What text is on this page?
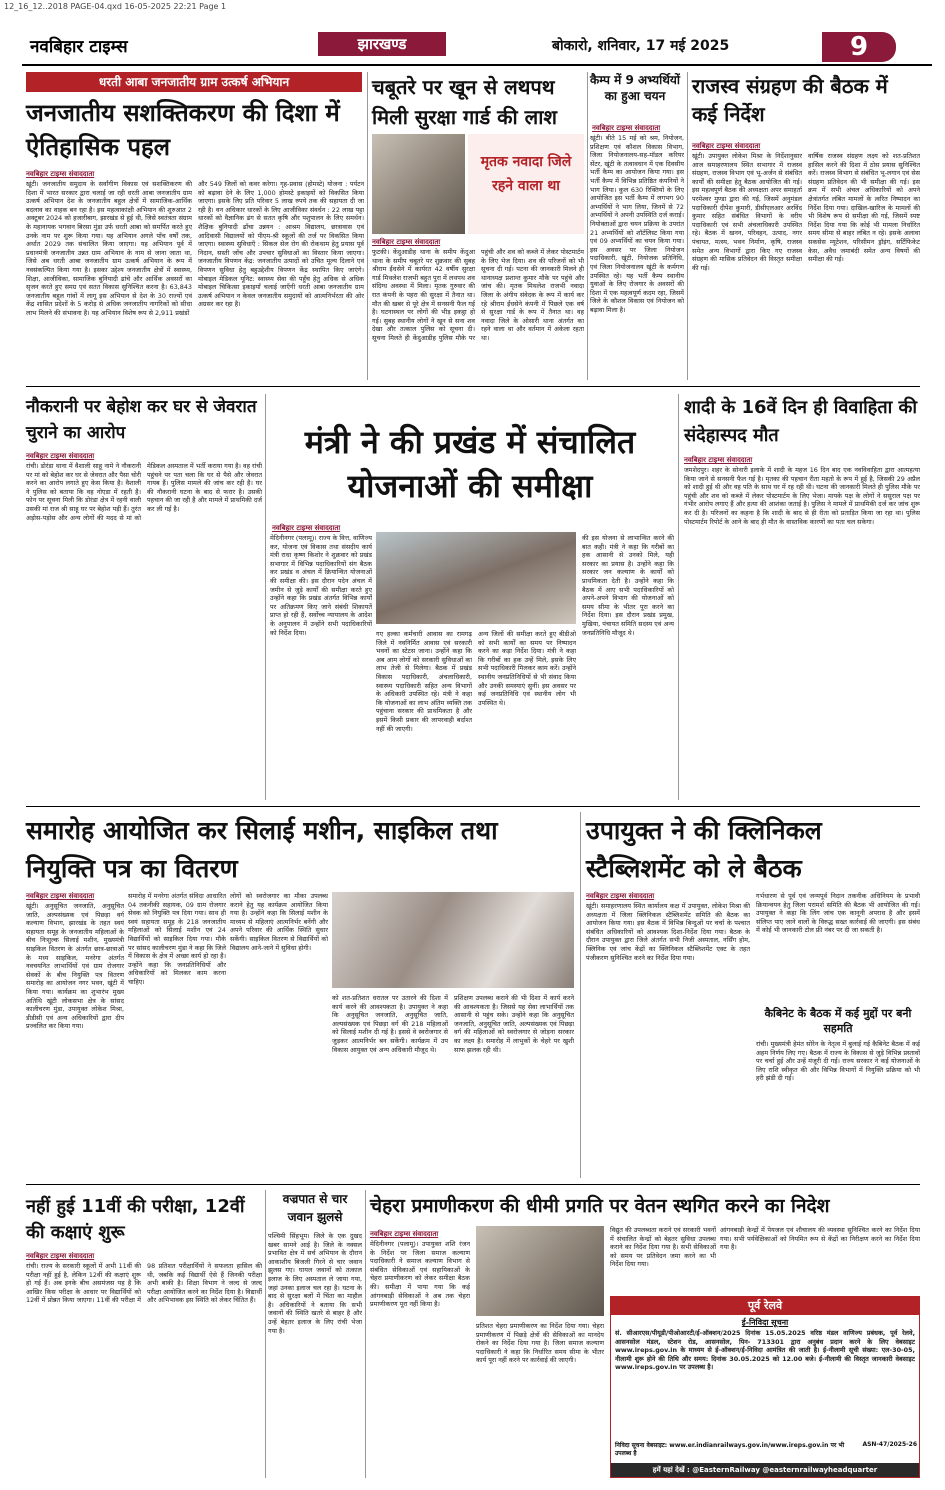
12_16_12..2018 PAGE-04.qxd 16-05-2025 22:21 Page 1
नवबिहार टाइम्स	झारखण्ड	बोकारो, शनिवार, 17 मई 2025	9
धरती आबा जनजातीय ग्राम उत्कर्ष अभियान
जनजातीय सशक्तिकरण की दिशा में ऐतिहासिक पहल
नवबिहार टाइम्स संवाददाता
खूंटी। जनजातीय समुदाय के सर्वांगीण विकास एवं सशक्तिकरण की दिशा में भारत सरकार द्वारा चलाई जा रही धरती आबा जनजातीय ग्राम उत्कर्ष अभियान देश के जनजातीय बहुल क्षेत्रों में सामाजिक-आर्थिक बदलाव का वाहक बन रहा है। इस महत्वाकांक्षी अभियान की शुरुआत 2 अक्टूबर 2024 को हजारीबाग, झारखंड से हुई थी, जिसे स्वतंत्रता संग्राम के महानायक भगवान बिरसा मुंडा उर्फ धरती आबा को समर्पित करते हुए उनके नाम पर शुरू किया गया। यह अभियान अगले पाँच वर्षों तक, अर्थात 2029 तक संचालित किया जाएगा। यह अभियान पूर्व में प्रधानमंत्री जनजातीय उन्नत ग्राम अभियान के नाम से जाना जाता था, जिसे अब धरती आबा जनजातीय ग्राम उत्कर्ष अभियान के रूप में नवसंकल्पित किया गया है। इसका उद्देश्य जनजातीय क्षेत्रों में स्वास्थ्य, शिक्षा, आजीविका, सामाजिक बुनियादी ढांचे और आर्थिक अवसरों का सृजन करते हुए समग्र एवं सतत विकास सुनिश्चित करना है। 63,843 जनजातीय बहुल गांवों में लागू इस अभियान से देश के 30 राज्यों एवं केंद्र शासित प्रदेशों के 5 करोड़ से अधिक जनजातीय नागरिकों को सीधा लाभ मिलने की संभावना है। यह अभियान विशेष रूप से 2,911 प्रखंडों
और 549 जिलों को कवर करेगा। गृह-प्रवास (होमस्टे) योजना : पर्यटन को बढ़ावा देने के लिए 1,000 होमस्टे इकाइयों को विकसित किया जाएगा। इसके लिए प्रति परिवार 5 लाख रुपये तक की सहायता दी जा रही है। वन अधिकार धारकों के लिए आजीविका संवर्धन : 22 लाख पट्टा धारकों को वैज्ञानिक ढंग से सतत कृषि और पशुपालन के लिए समर्थन। शैक्षिक बुनियादी ढाँचा उन्नयन : आश्रम विद्यालय, छात्रावास एवं आदिवासी विद्यालयों को पीएम-श्री स्कूलों की तर्ज पर विकसित किया जाएगा। स्वास्थ्य सुविधाएँ : सिकल सेल रोग की रोकथाम हेतु प्रयास पूर्व निदान, सस्ती जाँच और उपचार सुविधाओं का विस्तार किया जाएगा। जनजातीय विपणन केंद्र: जनजातीय उत्पादों को उचित मूल्य दिलाने एवं विपणन सुविधा हेतु बहुउद्देशीय विपणन केंद्र स्थापित किए जाएंगे। मोबाइल मेडिकल यूनिट: स्वास्थ्य सेवा की पहुँच हेतु अधिक से अधिक मोबाइल चिकित्सा इकाइयाँ चलाई जाएँगी धरती आबा जनजातीय ग्राम उत्कर्ष अभियान न केवल जनजातीय समुदायों को आत्मनिर्भरता की ओर अग्रसर कर रहा है।
चबूतरे पर खून से लथपथ मिली सुरक्षा गार्ड की लाश
मृतक नवादा जिले रहने वाला था
नवबिहार टाइम्स संवाददाता
फुटकी। केंदुआडीह थाना के समीप केंदुआ थाना के समीप चबूतरे पर शुक्रवार की सुबह श्रीराम ईंधसेने में कार्यरत 42 वर्षीय सुरक्षा गार्ड मिथलेश राजभी बहुत पुरा में लथपथ शव संदिग्ध अवस्था में मिला। मृतक गुरुवार की रात कंपनी के पहरा की सुरक्षा में तैनात था। मौत की खबर से पूरे क्षेत्र में सनसनी फैल गई है। घटनास्थल पर लोगों की भीड़ इकट्ठा हो गई। सुबह स्थानीय लोगों ने खून से सना शव देखा और तत्काल पुलिस को सूचना दी। सूचना मिलते ही केंदुआडीह पुलिस मौके पर पहुंची और शव को कब्जे में लेकर पोस्टमार्टम के लिए भेज दिया। शव की परिजनों को भी सूचना दी गई। पटना की जानकारी मिलने ही थानाध्यक्ष प्रशान्त कुमार मौके पर पहुंचे और जांच की। मृतक मिथलेश राजभी नवादा जिला के अंगीय संवेदक के रूप में कार्य कर रहे श्रीराम ईंधसेने कंपनी में पिछले एक वर्ष से सुरक्षा गार्ड के रूप में तैनात था। वह नवादा जिले के ओसारी थाना अंतर्गत का रहने वाला था और वर्तमान में अकेला रहता था।
कैम्प में 9 अभ्यर्थियों का हुआ चयन
नवबिहार टाइम्स संवाददाता
खूंटी। बीते 15 मई को श्रम, नियोजन, प्रशिक्षण एवं कौशल विकास विभाग, जिला नियोजनालय-सह-मॉडल करियर सेंटर, खूंटी के तत्वावधान में एक दिवसीय भर्ती कैम्प का आयोजन किया गया। इस भर्ती कैम्प में विभिन्न प्रतिष्ठित कंपनियों ने भाग लिया। कुल 630 रिक्तियों के लिए आयोजित इस भर्ती कैम्प में लगभग 90 अभ्यर्थियों ने भाग लिया, जिनमें से 72 अभ्यर्थियों ने अपनी उपस्थिति दर्ज कराई। नियोक्ताओं द्वारा चयन प्रक्रिया के उपरांत 21 अभ्यर्थियों को शॉर्टलिस्ट किया गया एवं 09 अभ्यर्थियों का चयन किया गया। इस अवसर पर जिला नियोजन पदाधिकारी, खूंटी, नियोजक प्रतिनिधि, एवं जिला नियोजनालय खूंटी के कर्मगण उपस्थित रहे। यह भर्ती कैम्प स्थानीय युवाओं के लिए रोजगार के अवसरों की दिशा में एक महत्वपूर्ण कदम रहा, जिसमें जिले के कौशल विकास एवं नियोजन को बढ़ावा मिला है।
राजस्व संग्रहण की बैठक में कई निर्देश
नवबिहार टाइम्स संवाददाता
खूंटी। उपायुक्त लोकेश मिश्रा के निर्देशानुसार आज समाहरणालय स्थित सभागार में राजस्व संग्रहण, राजस्व विभाग एवं भू-अर्जन से संबंधित कार्यों की समीक्षा हेतु बैठक आयोजित की गई। इस महत्वपूर्ण बैठक की अध्यक्षता अपर समाहर्ता परमेश्वर मुण्डा द्वारा की गई, जिसमें अनुमंडल पदाधिकारी दीपेश कुमारी, डीसीएलआर अरविंद कुमार सहित संबंधित विभागों के वरीय पदाधिकारी एवं सभी अंचलाधिकारी उपस्थित रहे। बैठक में खनन, परिवहन, उत्पाद, नगर पंचायत, मत्स्य, भवन निर्माण, कृषि, राजस्व समेत अन्य विभागों द्वारा किए गए राजस्व संग्रहण की मासिक प्रतिवेदन की विस्तृत समीक्षा की गई।
वार्षिक राजस्व संग्रहण लक्ष्य को शत-प्रतिशत हासिल करने की दिशा में ठोस प्रयास सुनिश्चित करें। राजस्व विभाग से संबंधित भू-लगान एवं सेस संग्रहण प्रतिवेदन की भी समीक्षा की गई। इस क्रम में सभी अंचल अधिकारियों को अपने क्षेत्रांतर्गत लंबित मामलों के त्वरित निष्पादन का निर्देश दिया गया। दाखिल-खारिज के मामलों की भी विशेष रूप से समीक्षा की गई, जिसमें स्पष्ट निर्देश दिया गया कि कोई भी मामला निर्धारित समय सीमा से बाहर लंबित न रहे। इसके अलावा सकसेस म्यूटेशन, परिसीमन ड्रॉइंग, सर्टिफिकेट केस, अवैध जमाबंदी समेत अन्य विषयों की समीक्षा की गई।
नौकरानी पर बेहोश कर घर से जेवरात चुराने का आरोप
नवबिहार टाइम्स संवाददाता
रांची। डोरंडा थाना में वैशाली साहू नामे ने नौकरानी पर मां को बेहोश कर घर से जेवरात और पैसा चोरी करने का आरोप लगाते हुए केस किया है। वैशाली ने पुलिस को बताया कि वह नोएडा में रहती है। फोन पर सूचना मिली कि डोरंडा क्षेत्र में रहनी वाली उसकी मां राज श्री साहू घर पर बेहोश पड़ी हैं। तुरंत अड़ोस-पड़ोस और अन्य लोगों की मदद से मां को मेडिकल अस्पताल में भर्ती कराया गया है। वह रांची पहुंचने पर पता चला कि घर से पैसे और जेवरात गायब हैं। पुलिस मामले की जांच कर रही है। घर की नौकरानी घटना के बाद से फरार है। उसकी पहचान की जा रही है और मामले में प्राथमिकी दर्ज कर ली गई है।
मंत्री ने की प्रखंड में संचालित योजनाओं की समीक्षा
नवबिहार टाइम्स संवाददाता
मेदिनीनगर (पलामू)। राज्य के वित्त, वाणिज्य कर, योजना एवं विकास तथा संसदीय कार्य मंत्री राधा कृष्ण किशोर ने शुक्रवार को प्रखंड सभागार में विभिन्न पदाधिकारियों संग बैठक कर प्रखंड व अंचल में क्रियान्वित योजनाओं की समीक्षा की। इस दौरान पदेन अंचल में जमीन से जुड़े कार्यों की समीक्षा करते हुए उन्होंने कहा कि प्रखंड अंतर्गत विभिन्न कार्यों पर अतिक्रमण किए जाने संबंधी शिकायतें प्राप्त हो रही हैं, सर्वोच्च न्यायालय के आदेश के अनुपालन में उन्होंने सभी पदाधिकारियों को निर्देश दिया।	गए हल्का कर्मचारी आवास का रामगढ़ जिले में नवनिर्मित आवास एवं सरकारी भवनों का स्टेटस जाना। उन्होंने कहा कि अब आम लोगों को सरकारी सुविधाओं का लाभ तेजी से मिलेगा। बैठक में प्रखंड विकास पदाधिकारी, अंचलाधिकारी, स्वास्थ्य पदाधिकारी सहित अन्य विभागों के अधिकारी उपस्थित रहे। मंत्री ने कहा कि योजनाओं का लाभ अंतिम व्यक्ति तक पहुंचाना सरकार की प्राथमिकता है और इसमें किसी प्रकार की लापरवाही बर्दाश्त नहीं की जाएगी।
अन्य जिलों की समीक्षा करते हुए बीडीओ को सभी कार्यों का समय पर निष्पादन करने का कड़ा निर्देश दिया। मंत्री ने कहा कि गरीबों का हक उन्हें मिले, इसके लिए सभी पदाधिकारी मिलकर काम करें। उन्होंने स्थानीय जनप्रतिनिधियों से भी संवाद किया और उनकी समस्याएं सुनीं। इस अवसर पर कई जनप्रतिनिधि एवं स्थानीय लोग भी उपस्थित थे।
की इस योजना से लाभान्वित करने की बात कही। मंत्री ने कहा कि गरीबों का हक आसानी से उनको मिले, यही सरकार का प्रयास है। उन्होंने कहा कि सरकार जन कल्याण के कार्यों को प्राथमिकता देती है। उन्होंने कहा कि बैठक में आए सभी पदाधिकारियों को अपने-अपने विभाग की योजनाओं को समय सीमा के भीतर पूरा करने का निर्देश दिया। इस दौरान प्रखंड प्रमुख, मुखिया, पंचायत समिति सदस्य एवं अन्य जनप्रतिनिधि मौजूद थे।
शादी के 16वें दिन ही विवाहिता की संदेहास्पद मौत
नवबिहार टाइम्स संवाददाता
जमशेदपुर। शहर के सोनारी इलाके में शादी के महज 16 दिन बाद एक नवविवाहिता द्वारा आत्महत्या किया जाने से सनसनी फैल गई है। मृतका की पहचान रीता महतो के रूप में हुई है, जिसकी 29 अप्रैल को शादी हुई थी और वह पति के साथ घर में रह रही थी। घटना की जानकारी मिलते ही पुलिस मौके पर पहुंची और शव को कब्जे में लेकर पोस्टमार्टम के लिए भेजा। मायके पक्ष के लोगों ने ससुराल पक्ष पर गंभीर आरोप लगाए हैं और हत्या की आशंका जताई है। पुलिस ने मामले में प्राथमिकी दर्ज कर जांच शुरू कर दी है। परिजनों का कहना है कि शादी के बाद से ही रीता को प्रताड़ित किया जा रहा था। पुलिस पोस्टमार्टम रिपोर्ट के आने के बाद ही मौत के वास्तविक कारणों का पता चल सकेगा।
समारोह आयोजित कर सिलाई मशीन, साइकिल तथा नियुक्ति पत्र का वितरण
नवबिहार टाइम्स संवाददाता
खूंटी। अनुसूचित जनजाति, अनुसूचित जाति, अल्पसंख्यक एवं पिछड़ा वर्ग कल्याण विभाग, झारखंड के तहत स्वयं सहायता समूह के जनजातीय महिलाओं के बीच निःशुल्क सिलाई मशीन, मुख्यमंत्री साइकिल वितरण के अंतर्गत छात्र-छात्राओं के मध्य साइकिल, मनरेगा अंतर्गत नवचयनित लाभार्थियों एवं ग्राम रोजगार सेवकों के बीच नियुक्ति पत्र वितरण समारोह का आयोजन नगर भवन, खूंटी में किया गया। कार्यक्रम का शुभारंभ मुख्य अतिथि खूंटी लोकसभा क्षेत्र के सांसद कालीचरण मुंडा, उपायुक्त लोकेश मिश्रा, डीडीसी एवं अन्य अधिकारियों द्वारा दीप प्रज्वलित कर किया गया।
समारोह में मनरेगा अंतर्गत संविदा आधारित 04 तकनीकी सहायक, 09 ग्राम रोजगार सेवक को नियुक्ति पत्र दिया गया। साथ ही स्वयं सहायता समूह के 218 जनजातीय महिलाओं को सिलाई मशीन एवं 24 विद्यार्थियों को साइकिल दिया गया। मौके पर सांसद कालीचरण मुंडा ने कहा कि जिले में विकास के क्षेत्र में अच्छा कार्य हो रहा है। उन्होंने कहा कि जनप्रतिनिधियों और अधिकारियों को मिलकर काम करना चाहिए।
लोगों को स्वरोजगार का मौका उपलब्ध कराने हेतु यह कार्यक्रम आयोजित किया गया है। उन्होंने कहा कि सिलाई मशीन के माध्यम से महिलाएं आत्मनिर्भर बनेंगी और अपने परिवार की आर्थिक स्थिति सुधार सकेंगी। साइकिल वितरण से विद्यार्थियों को विद्यालय आने-जाने में सुविधा होगी।
को शत-प्रतिशत धरातल पर उतारने की दिशा में कार्य करने की आवश्यकता है। उपायुक्त ने कहा कि अनुसूचित जनजाति, अनुसूचित जाति, अल्पसंख्यक एवं पिछड़ा वर्ग की 218 महिलाओं को सिलाई मशीन दी गई है। इससे वे स्वरोजगार से जुड़कर आत्मनिर्भर बन सकेंगी। कार्यक्रम में उप विकास आयुक्त एवं अन्य अधिकारी मौजूद थे।
प्रशिक्षण उपलब्ध कराने की भी दिशा में कार्य करने की आवश्यकता है। जिससे यह सेवा लाभार्थियों तक आसानी से पहुंच सके। उन्होंने कहा कि अनुसूचित जनजाति, अनुसूचित जाति, अल्पसंख्यक एवं पिछड़ा वर्ग की महिलाओं को स्वरोजगार से जोड़ना सरकार का लक्ष्य है। समारोह में लाभुकों के चेहरे पर खुशी साफ झलक रही थी।
उपायुक्त ने की क्लिनिकल स्टैब्लिशमेंट को ले बैठक
नवबिहार टाइम्स संवाददाता
खूंटी। समाहरणालय स्थित कार्यालय कक्ष में उपायुक्त, लोकेश मिश्रा की अध्यक्षता में जिला क्लिनिकल स्टैब्लिशमेंट समिति की बैठक का आयोजन किया गया। इस बैठक में विभिन्न बिन्दुओं पर चर्चा के पश्चात संबंधित अधिकारियों को आवश्यक दिशा-निर्देश दिया गया। बैठक के दौरान उपायुक्त द्वारा जिले अंतर्गत सभी निजी अस्पताल, नर्सिंग होम, क्लिनिक एवं जांच केंद्रों का क्लिनिकल स्टैब्लिशमेंट एक्ट के तहत पंजीकरण सुनिश्चित करने का निर्देश दिया गया।
गर्भधारण से पूर्व एवं जन्मपूर्व निदान तकनीक अधिनियम के प्रभावी क्रियान्वयन हेतु जिला परामर्श समिति की बैठक भी आयोजित की गई। उपायुक्त ने कहा कि लिंग जांच एक कानूनी अपराध है और इसमें संलिप्त पाए जाने वालों के विरुद्ध सख्त कार्रवाई की जाएगी। इस संबंध में कोई भी जानकारी टोल फ्री नंबर पर दी जा सकती है।
कैबिनेट के बैठक में कई मुद्दों पर बनी सहमति
रांची। मुख्यमंत्री हेमंत सोरेन के नेतृत्व में बुलाई गई कैबिनेट बैठक में कई अहम निर्णय लिए गए। बैठक में राज्य के विकास से जुड़े विभिन्न प्रस्तावों पर चर्चा हुई और उन्हें मंजूरी दी गई। राज्य सरकार ने कई योजनाओं के लिए राशि स्वीकृत की और विभिन्न विभागों में नियुक्ति प्रक्रिया को भी हरी झंडी दी गई।
नहीं हुई 11वीं की परीक्षा, 12वीं की कक्षाएं शुरू
नवबिहार टाइम्स संवाददाता
रांची। राज्य के सरकारी स्कूलों में अभी 11वीं की परीक्षा नहीं हुई है, लेकिन 12वीं की कक्षाएं शुरू हो गई हैं। अब इनके बीच असमंजस यह है कि आखिर किस परीक्षा के आधार पर विद्यार्थियों को 12वीं में प्रोन्नत किया जाएगा। 11वीं की परीक्षा में 98 प्रतिशत परीक्षार्थियों ने सफलता हासिल की थी, जबकि कई विद्यार्थी ऐसे हैं जिनकी परीक्षा अभी बाकी है। शिक्षा विभाग ने जल्द से जल्द परीक्षा आयोजित करने का निर्देश दिया है। विद्यार्थी और अभिभावक इस स्थिति को लेकर चिंतित हैं।
वज्रपात से चार जवान झुलसे
पश्चिमी सिंहभूम। जिले के एक दुखद खबर सामने आई है। जिले के नक्सल प्रभावित क्षेत्र में सर्च अभियान के दौरान आकाशीय बिजली गिरने से चार जवान झुलस गए। घायल जवानों को तत्काल इलाज के लिए अस्पताल ले जाया गया, जहां उनका इलाज चल रहा है। घटना के बाद से सुरक्षा बलों में चिंता का माहौल है। अधिकारियों ने बताया कि सभी जवानों की स्थिति खतरे से बाहर है और उन्हें बेहतर इलाज के लिए रांची भेजा गया है।
चेहरा प्रमाणीकरण की धीमी प्रगति पर वेतन स्थगित करने का निदेश
नवबिहार टाइम्स संवाददाता
मेदिनीनगर (पलामू)। उपायुक्त शशि रंजन के निर्देश पर जिला समाज कल्याण पदाधिकारी ने समाज कल्याण विभाग से संबंधित सेविकाओं एवं सहायिकाओं के चेहरा प्रमाणीकरण को लेकर समीक्षा बैठक की। समीक्षा में पाया गया कि कई आंगनबाड़ी सेविकाओं ने अब तक चेहरा प्रमाणीकरण पूरा नहीं किया है।
प्रतिशत चेहरा प्रमाणीकरण का निर्देश दिया गया। चेहरा प्रमाणीकरण में पिछड़े क्षेत्रों की सेविकाओं का मानदेय रोकने का निर्देश दिया गया है। जिला समाज कल्याण पदाधिकारी ने कहा कि निर्धारित समय सीमा के भीतर कार्य पूरा नहीं करने पर कार्रवाई की जाएगी।
विद्युत की उपलब्धता कराने एवं सरकारी भवनों में संचालित केन्द्रों को बेहतर सुविधा उपलब्ध कराने का निर्देश दिया गया है। सभी सेविकाओं को समय पर प्रतिवेदन जमा करने का भी निर्देश दिया गया।
आंगनबाड़ी केन्द्रों में पेयजल एवं शौचालय की व्यवस्था सुनिश्चित करने का निर्देश दिया गया। सभी पर्यवेक्षिकाओं को नियमित रूप से केंद्रों का निरीक्षण करने का निर्देश दिया गया है।
पूर्व रेलवे
ई-निविदा सूचना
सं. सीआरएस/पीयूडी/पीओआरटी/ई-ऑक्शन/2025 दिनांक 15.05.2025 वरिष्ठ मंडल वाणिज्य प्रबंधक, पूर्व रेलवे, आसनसोल मंडल, स्टेशन रोड, आसनसोल, पिन- 713301 द्वारा अनुबंध प्रदान करने के लिए वेबसाइट www.ireps.gov.in के माध्यम से ई-ऑक्शन/ई-निविदा आमंत्रित की जाती है। ई-नीलामी सूची संख्या: एल-30-05, नीलामी शुरू होने की तिथि और समय: दिनांक 30.05.2025 को 12.00 बजे। ई-नीलामी की विस्तृत जानकारी वेबसाइट www.ireps.gov.in पर उपलब्ध है।
निविदा सूचना वेबसाइट: www.er.indianrailways.gov.in/www.ireps.gov.in पर भी उपलब्ध है
ASN-47/2025-26
हमें यहां देखें : @EasternRailway @easternrailwayheadquarter
